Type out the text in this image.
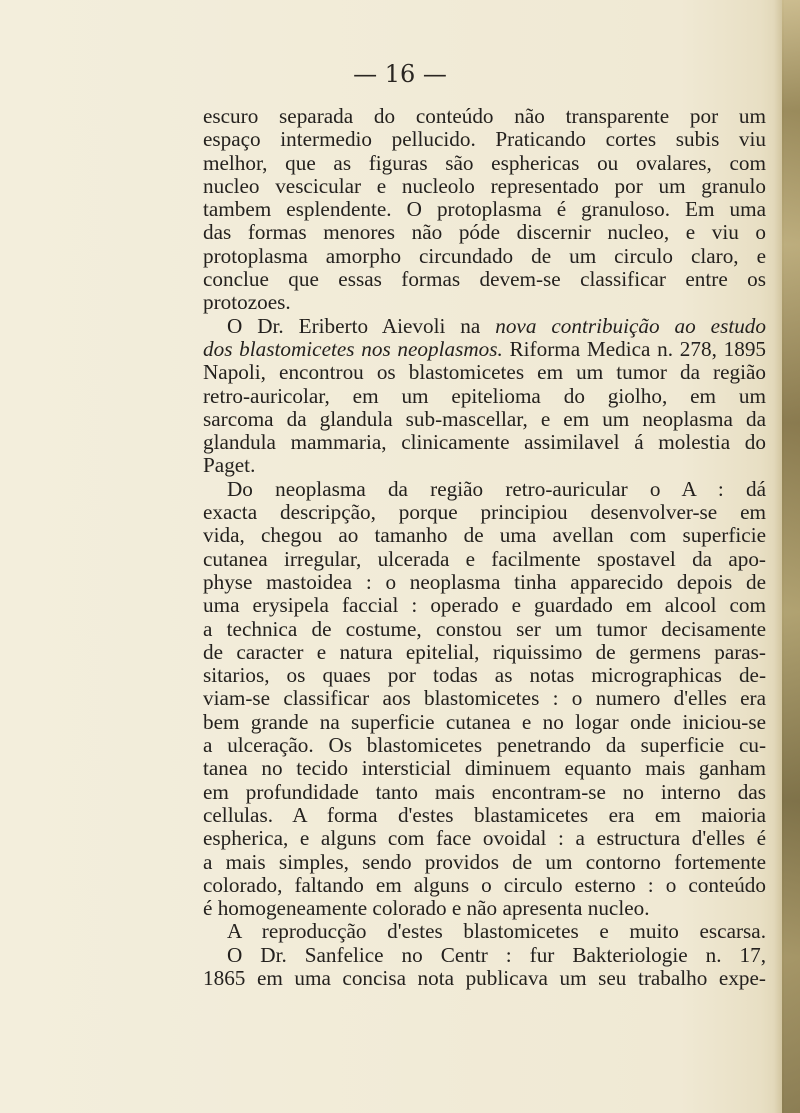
— 16 —
escuro separada do conteúdo não transparente por um
espaço intermedio pellucido. Praticando cortes subis viu
melhor, que as figuras são esphericas ou ovalares, com
nucleo vescicular e nucleolo representado por um granulo
tambem esplendente. O protoplasma é granuloso. Em uma
das formas menores não póde discernir nucleo, e viu o
protoplasma amorpho circundado de um circulo claro, e
conclue que essas formas devem-se classificar entre os
protozoes.
O Dr. Eriberto Aievoli na nova contribuição ao estudo
dos blastomicetes nos neoplasmos. Riforma Medica n. 278, 1895
Napoli, encontrou os blastomicetes em um tumor da região
retro-auricolar, em um epitelioma do giolho, em um
sarcoma da glandula sub-mascellar, e em um neoplasma da
glandula mammaria, clinicamente assimilavel á molestia do
Paget.
Do neoplasma da região retro-auricular o A : dá
exacta descripção, porque principiou desenvolver-se em
vida, chegou ao tamanho de uma avellan com superficie
cutanea irregular, ulcerada e facilmente spostavel da apo-
physe mastoidea : o neoplasma tinha apparecido depois de
uma erysipela faccial : operado e guardado em alcool com
a technica de costume, constou ser um tumor decisamente
de caracter e natura epitelial, riquissimo de germens paras-
sitarios, os quaes por todas as notas micrographicas de-
viam-se classificar aos blastomicetes : o numero d'elles era
bem grande na superficie cutanea e no logar onde iniciou-se
a ulceração. Os blastomicetes penetrando da superficie cu-
tanea no tecido intersticial diminuem equanto mais ganham
em profundidade tanto mais encontram-se no interno das
cellulas. A forma d'estes blastamicetes era em maioria
espherica, e alguns com face ovoidal : a estructura d'elles é
a mais simples, sendo providos de um contorno fortemente
colorado, faltando em alguns o circulo esterno : o conteúdo
é homogeneamente colorado e não apresenta nucleo.
A reproducção d'estes blastomicetes e muito escarsa.
O Dr. Sanfelice no Centr : fur Bakteriologie n. 17,
1865 em uma concisa nota publicava um seu trabalho expe-
